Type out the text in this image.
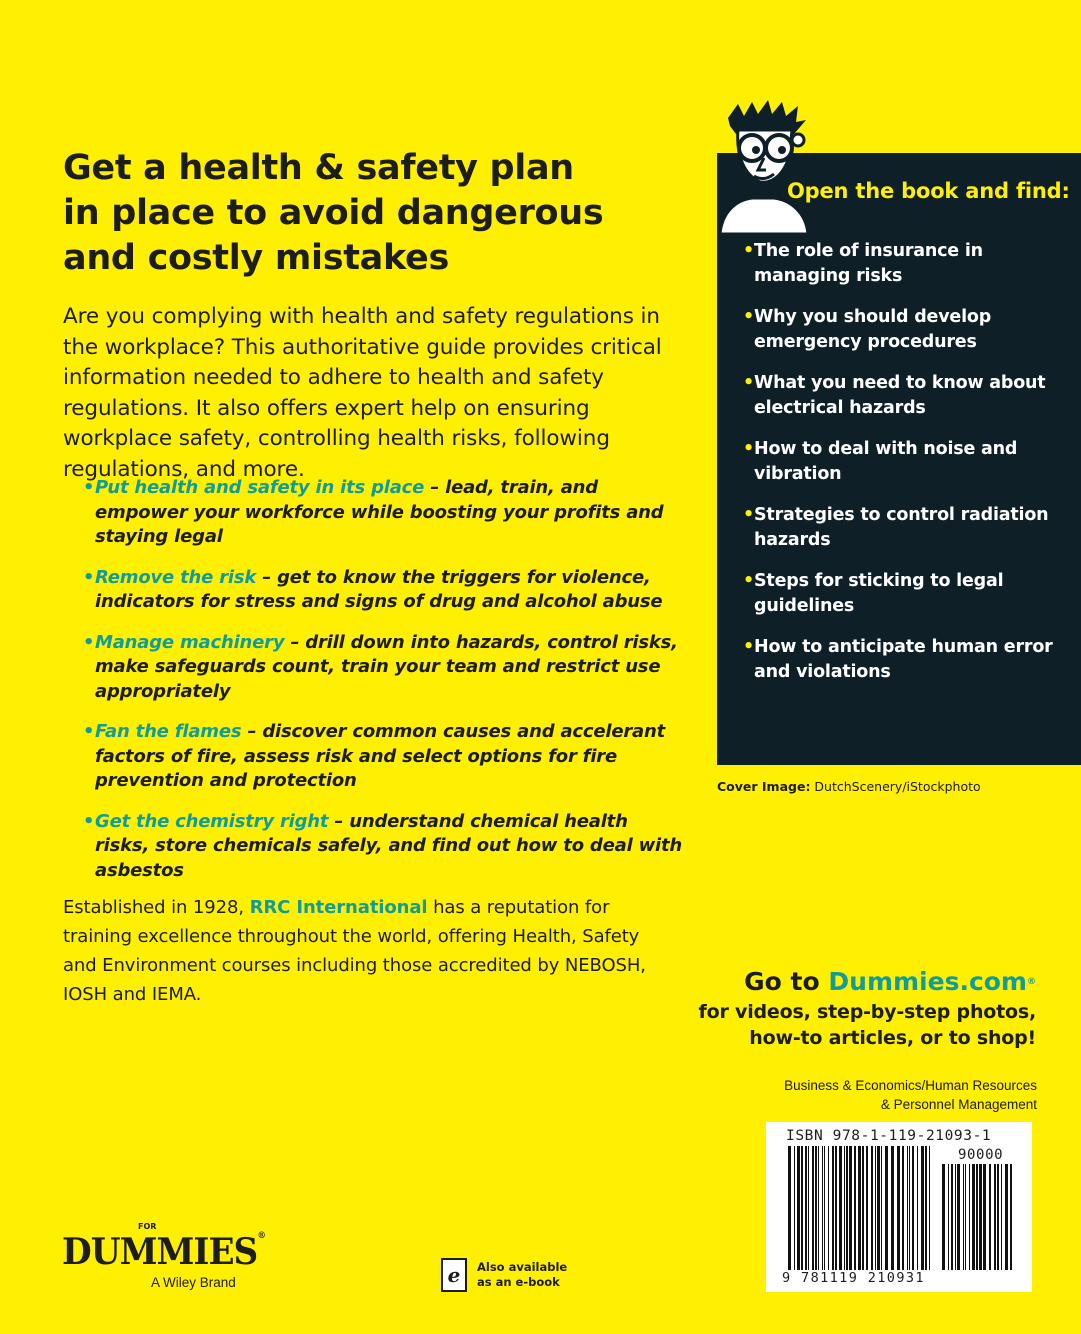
Get a health & safety plan
in place to avoid dangerous
and costly mistakes

Are you complying with health and safety regulations in the workplace? This authoritative guide provides critical information needed to adhere to health and safety regulations. It also offers expert help on ensuring workplace safety, controlling health risks, following regulations, and more.

• Put health and safety in its place – lead, train, and empower your workforce while boosting your profits and staying legal
• Remove the risk – get to know the triggers for violence, indicators for stress and signs of drug and alcohol abuse
• Manage machinery – drill down into hazards, control risks, make safeguards count, train your team and restrict use appropriately
• Fan the flames – discover common causes and accelerant factors of fire, assess risk and select options for fire prevention and protection
• Get the chemistry right – understand chemical health risks, store chemicals safely, and find out how to deal with asbestos
Open the book and find:
• The role of insurance in managing risks
• Why you should develop emergency procedures
• What you need to know about electrical hazards
• How to deal with noise and vibration
• Strategies to control radiation hazards
• Steps for sticking to legal guidelines
• How to anticipate human error and violations
Cover Image: DutchScenery/iStockphoto

Established in 1928, RRC International has a reputation for training excellence throughout the world, offering Health, Safety and Environment courses including those accredited by NEBOSH, IOSH and IEMA.	Go to Dummies.com®
for videos, step-by-step photos,
how-to articles, or to shop!
Business & Economics/Human Resources
& Personnel Management
ISBN 978-1-119-21093-1
90000
9 781119 210931
FOR
DUMMIES®
A Wiley Brand	e Also available
as an e-book
